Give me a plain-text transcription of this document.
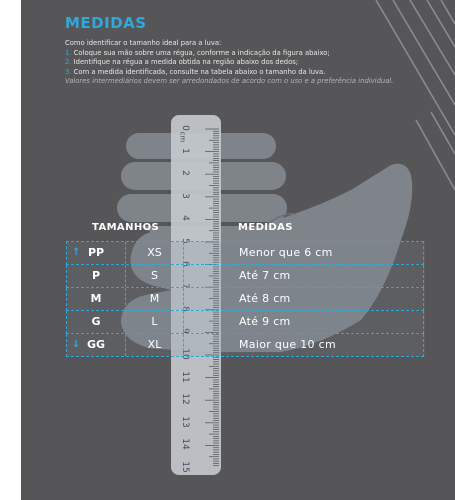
MEDIDAS
Como identificar o tamanho ideal para a luva:
1. Coloque sua mão sobre uma régua, conforme a indicação da figura abaixo;
2. Identifique na régua a medida obtida na região abaixo dos dedos;
3. Com a medida identificada, consulte na tabela abaixo o tamanho da luva.
Valores intermediários devem ser arredondados de acordo com o uso e a preferência individual.
cm
0
1
2
3
4
5
6
7
8
9
10
11
12
13
14
15
TAMANHOS	MEDIDAS
↑ PP	XS	Menor que 6 cm
P	S	Até 7 cm
M	M	Até 8 cm
G	L	Até 9 cm
↓ GG	XL	Maior que 10 cm
